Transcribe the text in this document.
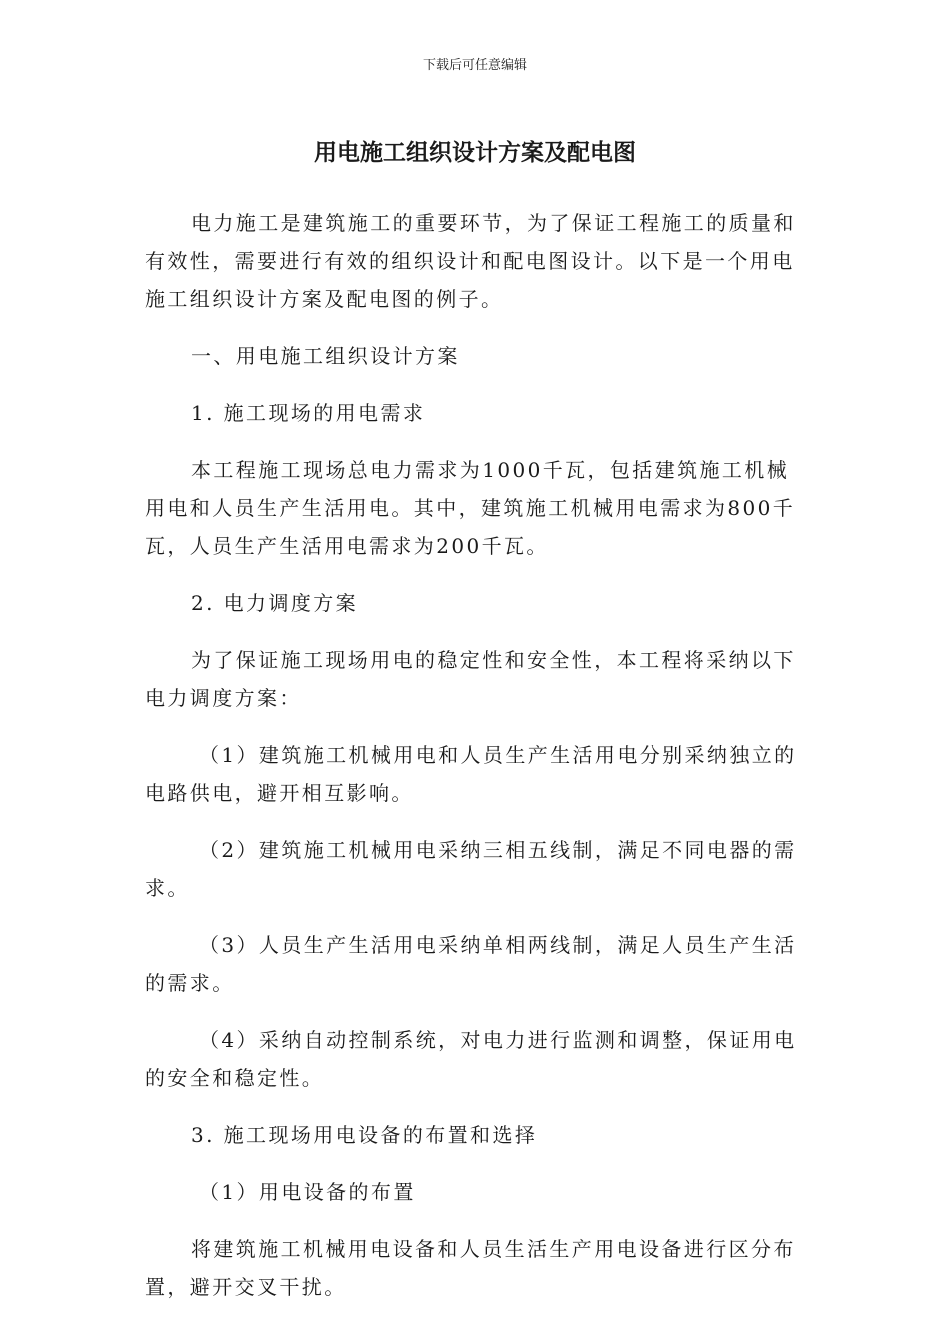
下载后可任意编辑
用电施工组织设计方案及配电图

电力施工是建筑施工的重要环节，为了保证工程施工的质量和有效性，需要进行有效的组织设计和配电图设计。以下是一个用电施工组织设计方案及配电图的例子。

一、用电施工组织设计方案

1. 施工现场的用电需求

本工程施工现场总电力需求为1000千瓦，包括建筑施工机械用电和人员生产生活用电。其中，建筑施工机械用电需求为800千瓦，人员生产生活用电需求为200千瓦。

2. 电力调度方案

为了保证施工现场用电的稳定性和安全性，本工程将采纳以下电力调度方案：

（1）建筑施工机械用电和人员生产生活用电分别采纳独立的电路供电，避开相互影响。

（2）建筑施工机械用电采纳三相五线制，满足不同电器的需求。

（3）人员生产生活用电采纳单相两线制，满足人员生产生活的需求。

（4）采纳自动控制系统，对电力进行监测和调整，保证用电的安全和稳定性。

3. 施工现场用电设备的布置和选择

（1）用电设备的布置

将建筑施工机械用电设备和人员生活生产用电设备进行区分布置，避开交叉干扰。
